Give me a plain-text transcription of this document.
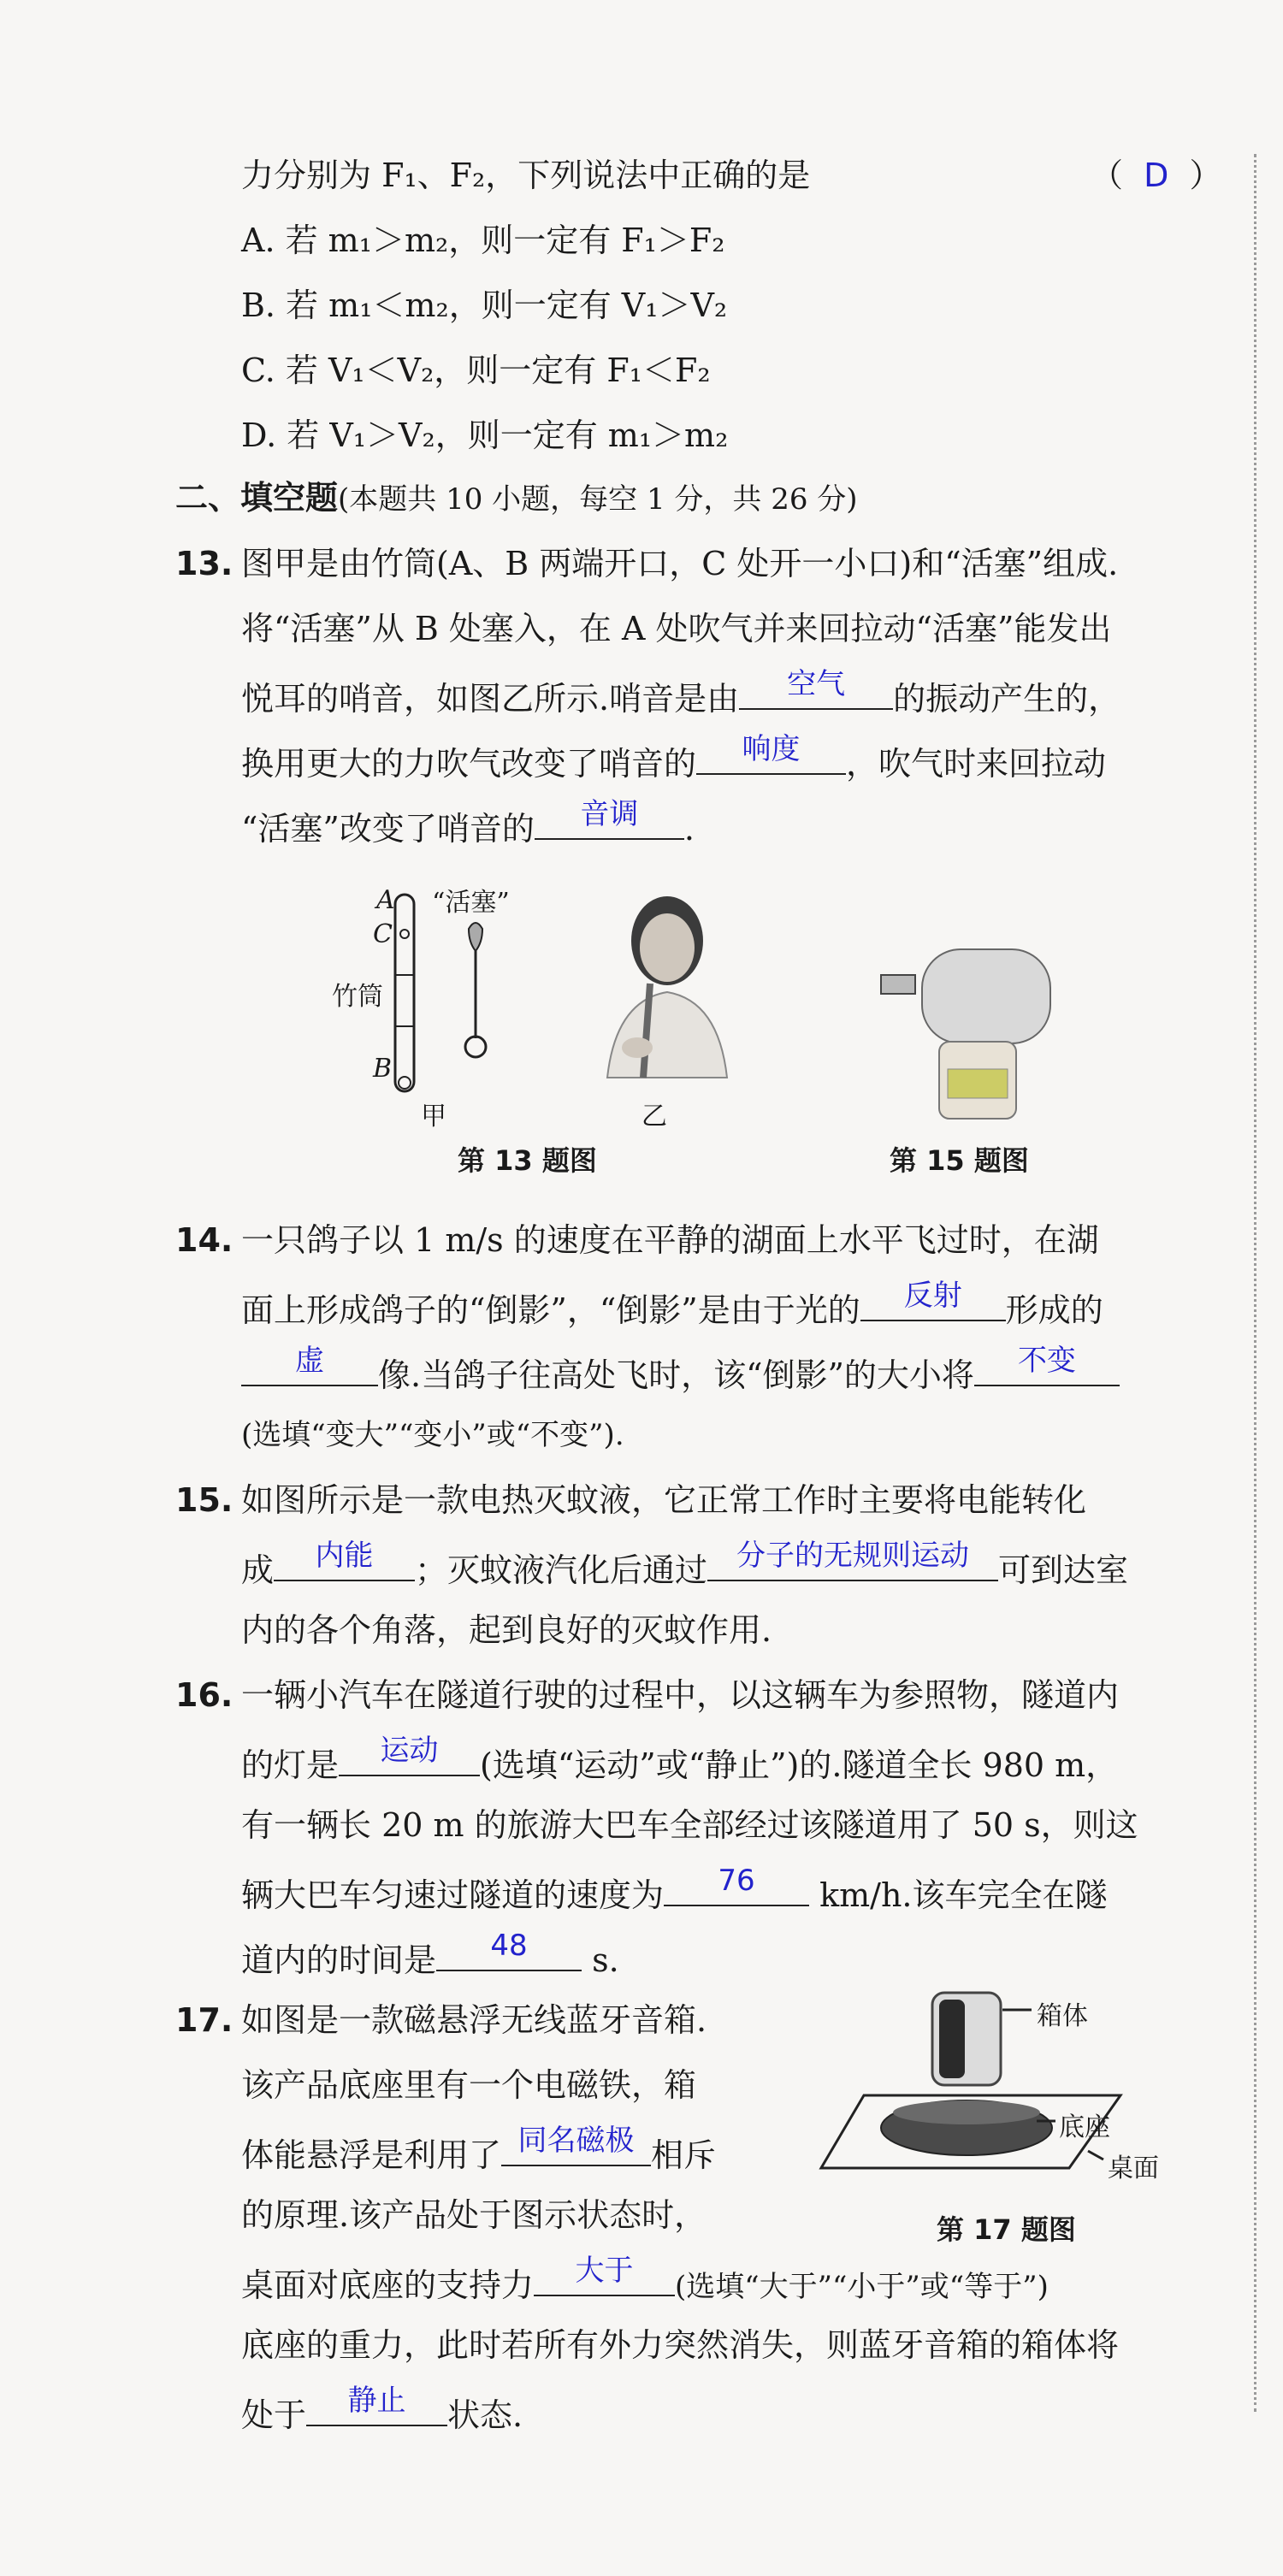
力分别为 F₁、F₂，下列说法中正确的是	（ D ）
A. 若 m₁＞m₂，则一定有 F₁＞F₂
B. 若 m₁＜m₂，则一定有 V₁＞V₂
C. 若 V₁＜V₂，则一定有 F₁＜F₂
D. 若 V₁＞V₂，则一定有 m₁＞m₂
二、填空题(本题共 10 小题，每空 1 分，共 26 分)
13. 图甲是由竹筒(A、B 两端开口，C 处开一小口)和“活塞”组成.
将“活塞”从 B 处塞入，在 A 处吹气并来回拉动“活塞”能发出
悦耳的哨音，如图乙所示.哨音是由	空气	的振动产生的，
换用更大的力吹气改变了哨音的	响度	，吹气时来回拉动
“活塞”改变了哨音的	音调	.
A
C
B
竹筒
“活塞”
甲	乙
第 13 题图	第 15 题图
14. 一只鸽子以 1 m/s 的速度在平静的湖面上水平飞过时，在湖
面上形成鸽子的“倒影”，“倒影”是由于光的	反射	形成的
虚	像.当鸽子往高处飞时，该“倒影”的大小将	不变
(选填“变大”“变小”或“不变”).
15. 如图所示是一款电热灭蚊液，它正常工作时主要将电能转化
成	内能	；灭蚊液汽化后通过	分子的无规则运动 可到达室
内的各个角落，起到良好的灭蚊作用.
16. 一辆小汽车在隧道行驶的过程中，以这辆车为参照物，隧道内
的灯是	运动	(选填“运动”或“静止”)的.隧道全长 980 m，
有一辆长 20 m 的旅游大巴车全部经过该隧道用了 50 s，则这
辆大巴车匀速过隧道的速度为	76	km/h.该车完全在隧
道内的时间是	48	s.
17. 如图是一款磁悬浮无线蓝牙音箱.
该产品底座里有一个电磁铁，箱
体能悬浮是利用了 同名磁极 相斥
的原理.该产品处于图示状态时，
桌面对底座的支持力	大于	(选填“大于”“小于”或“等于”)
底座的重力，此时若所有外力突然消失，则蓝牙音箱的箱体将
处于	静止	状态.
箱体
底座
桌面
第 17 题图
